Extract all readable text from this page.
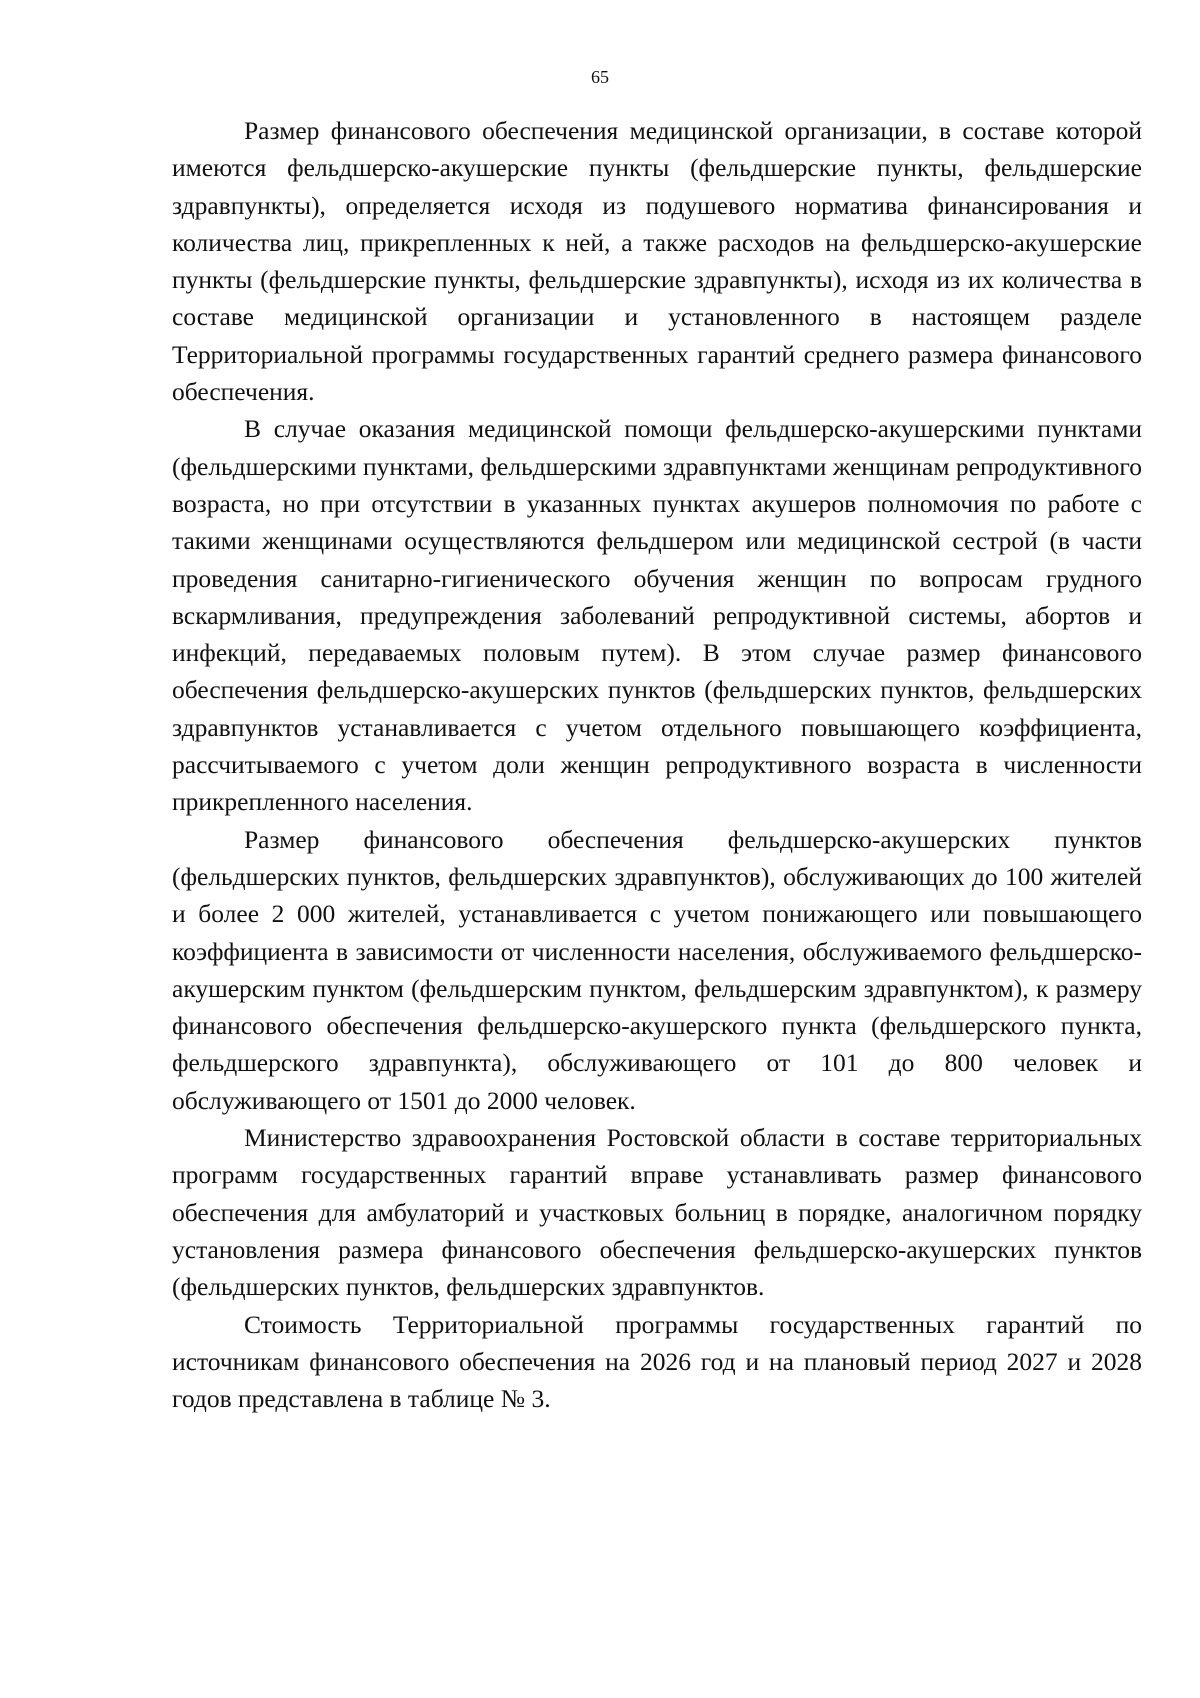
65

Размер финансового обеспечения медицинской организации, в составе которой имеются фельдшерско-акушерские пункты (фельдшерские пункты, фельдшерские здравпункты), определяется исходя из подушевого норматива финансирования и количества лиц, прикрепленных к ней, а также расходов на фельдшерско-акушерские пункты (фельдшерские пункты, фельдшерские здравпункты), исходя из их количества в составе медицинской организации и установленного в настоящем разделе Территориальной программы государственных гарантий среднего размера финансового обеспечения.

В случае оказания медицинской помощи фельдшерско-акушерскими пунктами (фельдшерскими пунктами, фельдшерскими здравпунктами женщинам репродуктивного возраста, но при отсутствии в указанных пунктах акушеров полномочия по работе с такими женщинами осуществляются фельдшером или медицинской сестрой (в части проведения санитарно-гигиенического обучения женщин по вопросам грудного вскармливания, предупреждения заболеваний репродуктивной системы, абортов и инфекций, передаваемых половым путем). В этом случае размер финансового обеспечения фельдшерско-акушерских пунктов (фельдшерских пунктов, фельдшерских здравпунктов устанавливается с учетом отдельного повышающего коэффициента, рассчитываемого с учетом доли женщин репродуктивного возраста в численности прикрепленного населения.

Размер финансового обеспечения фельдшерско-акушерских пунктов (фельдшерских пунктов, фельдшерских здравпунктов), обслуживающих до 100 жителей и более 2 000 жителей, устанавливается с учетом понижающего или повышающего коэффициента в зависимости от численности населения, обслуживаемого фельдшерско-акушерским пунктом (фельдшерским пунктом, фельдшерским здравпунктом), к размеру финансового обеспечения фельдшерско-акушерского пункта (фельдшерского пункта, фельдшерского здравпункта), обслуживающего от 101 до 800 человек и обслуживающего от 1501 до 2000 человек.

Министерство здравоохранения Ростовской области в составе территориальных программ государственных гарантий вправе устанавливать размер финансового обеспечения для амбулаторий и участковых больниц в порядке, аналогичном порядку установления размера финансового обеспечения фельдшерско-акушерских пунктов (фельдшерских пунктов, фельдшерских здравпунктов.

Стоимость Территориальной программы государственных гарантий по источникам финансового обеспечения на 2026 год и на плановый период 2027 и 2028 годов представлена в таблице № 3.
